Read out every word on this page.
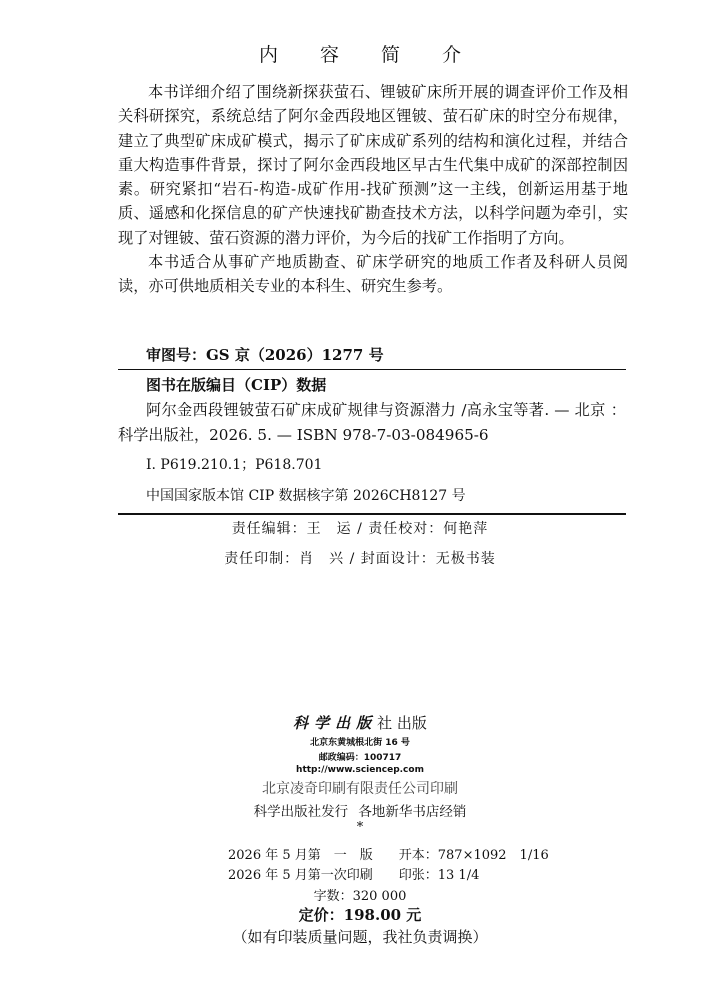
内 容 简 介

本书详细介绍了围绕新探获萤石、锂铍矿床所开展的调查评价工作及相关科研探究，系统总结了阿尔金西段地区锂铍、萤石矿床的时空分布规律，建立了典型矿床成矿模式，揭示了矿床成矿系列的结构和演化过程，并结合重大构造事件背景，探讨了阿尔金西段地区早古生代集中成矿的深部控制因素。研究紧扣“岩石-构造-成矿作用-找矿预测”这一主线，创新运用基于地质、遥感和化探信息的矿产快速找矿勘查技术方法，以科学问题为牵引，实现了对锂铍、萤石资源的潜力评价，为今后的找矿工作指明了方向。

本书适合从事矿产地质勘查、矿床学研究的地质工作者及科研人员阅读，亦可供地质相关专业的本科生、研究生参考。

审图号：GS 京（2026）1277 号
图书在版编目（CIP）数据

阿尔金西段锂铍萤石矿床成矿规律与资源潜力 /高永宝等著. — 北京 ：科学出版社，2026. 5. — ISBN 978-7-03-084965-6

Ⅰ. P619.210.1；P618.701
中国国家版本馆 CIP 数据核字第 2026CH8127 号
责任编辑：王　运 / 责任校对：何艳萍
责任印制：肖　兴 / 封面设计：无极书装
科学出版社 出版
北京东黄城根北街 16 号
邮政编码：100717
http://www.sciencep.com
北京凌奇印刷有限责任公司印刷
科学出版社发行 各地新华书店经销
*
2026 年 5 月第　一　版　　开本：787×1092　1/16
2026 年 5 月第一次印刷　　印张：13 1/4
字数：320 000
定价：198.00 元
（如有印装质量问题，我社负责调换）
